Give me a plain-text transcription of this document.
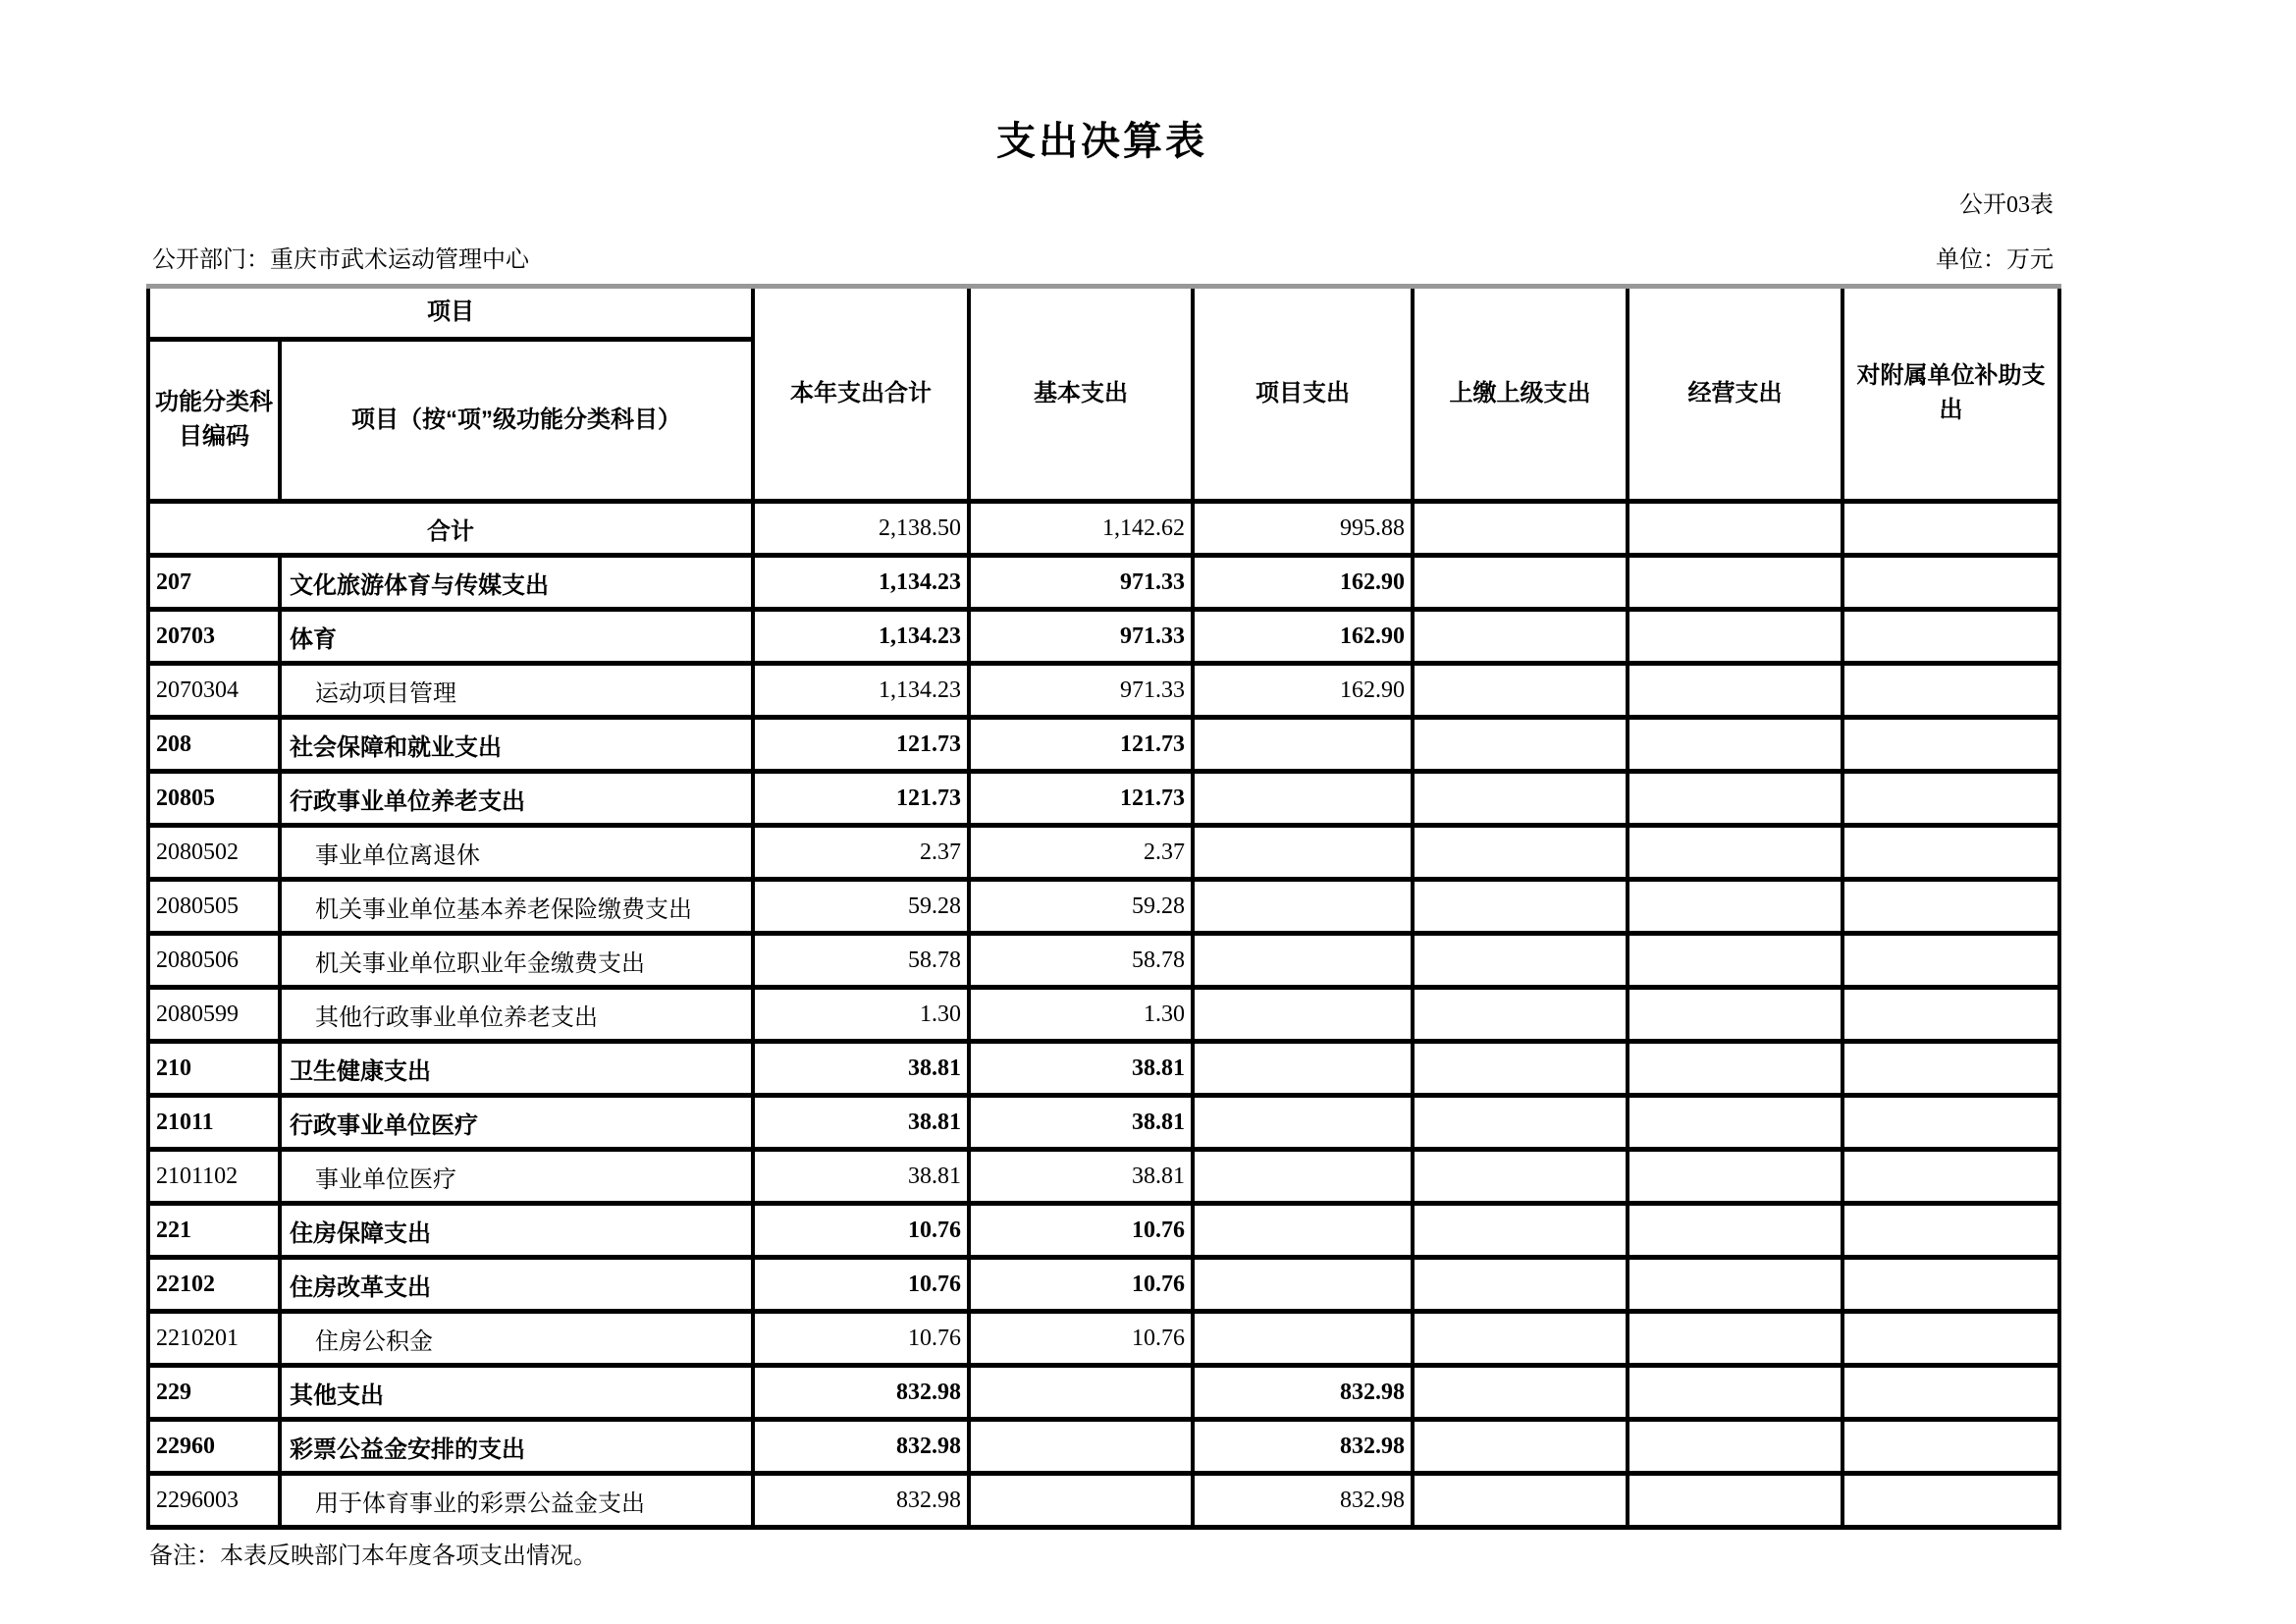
支出决算表
公开03表
公开部门：重庆市武术运动管理中心	单位：万元
项目		本年支出合计	基本支出	项目支出	上缴上级支出	经营支出	对附属单位补助支出
功能分类科目编码	项目（按“项”级功能分类科目）						
合计		2,138.50	1,142.62	995.88			
207	文化旅游体育与传媒支出	1,134.23	971.33	162.90			
20703	体育	1,134.23	971.33	162.90			
2070304	运动项目管理	1,134.23	971.33	162.90			
208	社会保障和就业支出	121.73	121.73				
20805	行政事业单位养老支出	121.73	121.73				
2080502	事业单位离退休	2.37	2.37				
2080505	机关事业单位基本养老保险缴费支出	59.28	59.28				
2080506	机关事业单位职业年金缴费支出	58.78	58.78				
2080599	其他行政事业单位养老支出	1.30	1.30				
210	卫生健康支出	38.81	38.81				
21011	行政事业单位医疗	38.81	38.81				
2101102	事业单位医疗	38.81	38.81				
221	住房保障支出	10.76	10.76				
22102	住房改革支出	10.76	10.76				
2210201	住房公积金	10.76	10.76				
229	其他支出	832.98		832.98			
22960	彩票公益金安排的支出	832.98		832.98			
2296003	用于体育事业的彩票公益金支出	832.98		832.98			
备注：本表反映部门本年度各项支出情况。
